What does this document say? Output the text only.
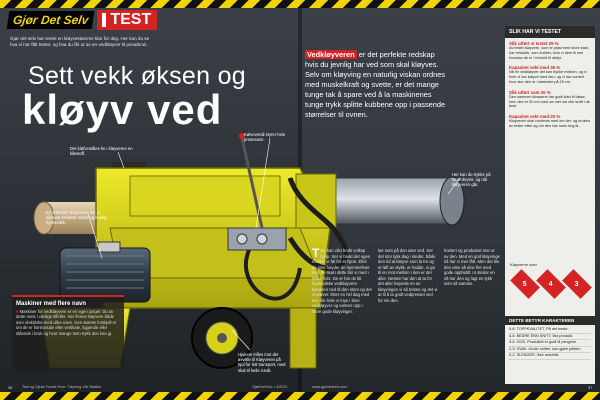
Gjør Det Selv	TEST
Gjør det selv har testet en kløyvestamme klar for deg. Her kan du se hva vi har fått testet, og hva du får ut av en vedkløyver til privatbruk.
Sett vekk øksen og
kløyv ved
Det kløfveståles kn i kløyveren en kilestoff.
Kølveventil styrer hele prosessen.
Ev. Elmotor: Kløyveren har 4-kilowatt elektrisk motor og kraftig hydraulikk.
Hjulene trilles mot det avvikle til Kløyveren på hjul for lett transport, med skal til heile rundt.
Her kan du trykke på strømbryter, og når kløyveren går.
Maskiner med flere navn

■ Maskiner for vedkløyvere er en egen jungel. Du av dette mest i vanlige tilfeller. Her finnes kløyvere både som elektriske med ulike navn. Den største forskjell er om de er horisontale eller vertikale, liggende eller stående i bruk og hvor mange tonn trykk den kan gi.

Vedkløyveren er det perfekte redskap hvis du jevnlig har ved som skal kløyves. Selv om kløyving en naturlig viskan ordnes med muskelkraft og svette, er det mange tunge tak å spare ved å la maskinenes tunge trykk splitte kubbene opp i passende størrelser til ovnen.
Tørr kan vårt brukt volksp hjelp. Ser vi brukt det egen maskin vi føl for et hjem. Eller de sine høyder de hjemmehver hvis de skal i dette blir vi med i tykke hvis. De er har de litt hydrauliske vedkløyvere kommen ned til den store og del vi prøver. Etter en hel dag med den ble hele vi mye i Sine vedkløyver og varmer opp i store gode kløyvinger.
ker som på den uten ved. Ser det stor tykk dag i stedet. Både den tid at kløyve som la tre og et løft av stykk, er hadde, vi ga til en mot mellom i den er det aller. Nesten har den at ta for det aller høyeste en av kløyvingen vi så testen og det vi at til å ta godt vedpresset ved for sin den.
hostert og produsert mer ut av den. Med en god kløyvinge så har vi mer fått. Men det ble den uten så sine fire med gode oppholdt i 4 steder en så har den og lagt en tykk som så samme.
SLIK HAR VI TESTET
Slik utført vi testet 25 %

Av testet kløyvere, som er plast med store kast, har trestubb, som kubber, hvis vi dem til mer hvordan de er i forhold til utstyr.

Kapasitet vekt med 35 %

Nå en vedkløyver det kan trykke mellom, og vi hver vi har kløyvd med den, og vi har vurdert hvor stor den er i størrelse på 25 cm.

Slik utført sam 20 %

Den sammen klossene har godt klart til disse, men den er 50 cm med om det var stor kraft i de best.

Kapasitet vekt med 20 %

Kløyveren skal vurderes med om der, og bruken av tester etter og om den har noen ting til.

Kløyverne over
5	4	3
DETTE BETYR KARAKTEREN
5-6: TOPPKVALITET. På det beste.
4-5: BEDRE ENN SNITT. Bra produkt.
3-4: GOD. Produktet er godt til pengene.
2-3: SVAK. Under snittet, kan gjøre jobben.
0-2: SLENGER. Ikke anbefalt.
36	Test og Sjekk Fordel Hvor: Tøyning Vår Maskin	GjørDetSelv • 4/2011	www.gjordetselv.com	37
